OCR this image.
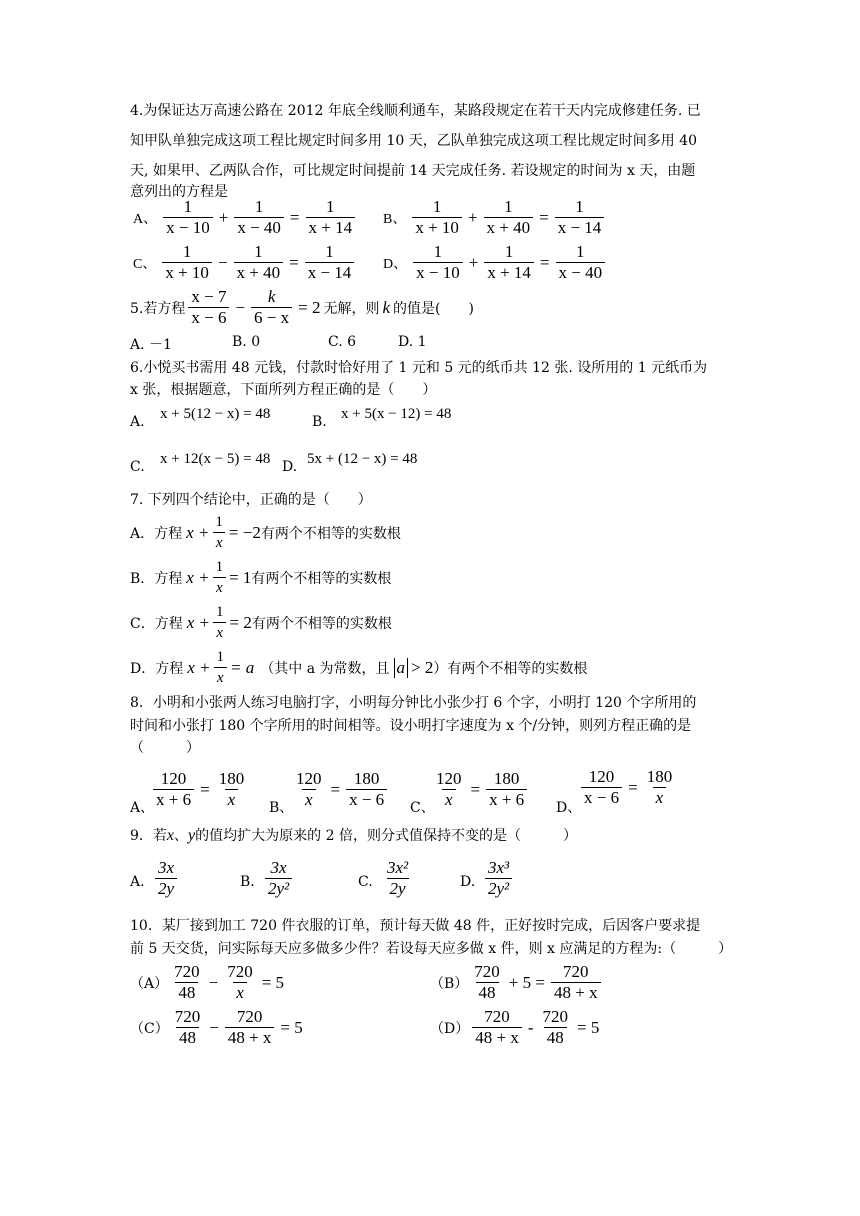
4.为保证达万高速公路在 2012 年底全线顺利通车，某路段规定在若干天内完成修建任务. 已
知甲队单独完成这项工程比规定时间多用 10 天，乙队单独完成这项工程比规定时间多用 40
天, 如果甲、乙两队合作，可比规定时间提前 14 天完成任务. 若设规定的时间为 x 天，由题
意列出的方程是
A、
1
x − 10
+ $\frac{1}{x - 40} = \frac{1}{x + 14}$ B、
1
x + 10
+ $\frac{1}{x + 40} = \frac{1}{x - 14}$
C、
1
x + 10
− $\frac{1}{x + 40} = \frac{1}{x - 14}$ D、
1
x − 10
+ $\frac{1}{x + 14} = \frac{1}{x - 40}$
5.若方程
x − 7
x − 6
− $\frac{k}{6 - x} = 2$ 无解，则 k 的值是(　　)
A. －1	B. 0	C. 6	D. 1
6.小悦买书需用 48 元钱，付款时恰好用了 1 元和 5 元的纸币共 12 张. 设所用的 1 元纸币为
x 张，根据题意，下面所列方程正确的是（　　）
A. x + 5(12 − x) = 48	B. x + 5(x − 12) = 48
C. x + 12(x − 5) = 48 D. 5x + (12 − x) = 48
7. 下列四个结论中，正确的是（　　）
A．方程 $x + \frac{1}{x} = -2$ 有两个不相等的实数根
B．方程 $x + \frac{1}{x} = 1$ 有两个不相等的实数根
C．方程 $x + \frac{1}{x} = 2$ 有两个不相等的实数根
D．方程 $x + \frac{1}{x} = a$ （其中 a 为常数，且 a > 2 ）有两个不相等的实数根
8．小明和小张两人练习电脑打字，小明每分钟比小张少打 6 个字，小明打 120 个字所用的
时间和小张打 180 个字所用的时间相等。设小明打字速度为 x 个/分钟，则列方程正确的是
（　　　）
A、
$\frac{120}{x + 6} = \frac{180}{x}$ B、 $\frac{120}{x} = \frac{180}{x - 6}$ C、
$\frac{120}{x} = \frac{180}{x + 6}$ D、 $\frac{120}{x - 6} = \frac{180}{x}$
9．若x、y的值均扩大为原来的 2 倍，则分式值保持不变的是（　　　）
A.
3x
2y	B.
3x
2y²	C.
3x²
2y	D.
3x³
2y²
10．某厂接到加工 720 件衣服的订单，预计每天做 48 件，正好按时完成，后因客户要求提
前 5 天交货，问实际每天应多做多少件？若设每天应多做 x 件，则 x 应满足的方程为:（　　　）
（A）
720
48
− $\frac{720}{x} = 5$	（B）
720
48
+ $5 = \frac{720}{48 + x}$
（C）
720
48
− $\frac{720}{48 + x} = 5$	（D）
720
48 + x
- $\frac{720}{48} = 5$
